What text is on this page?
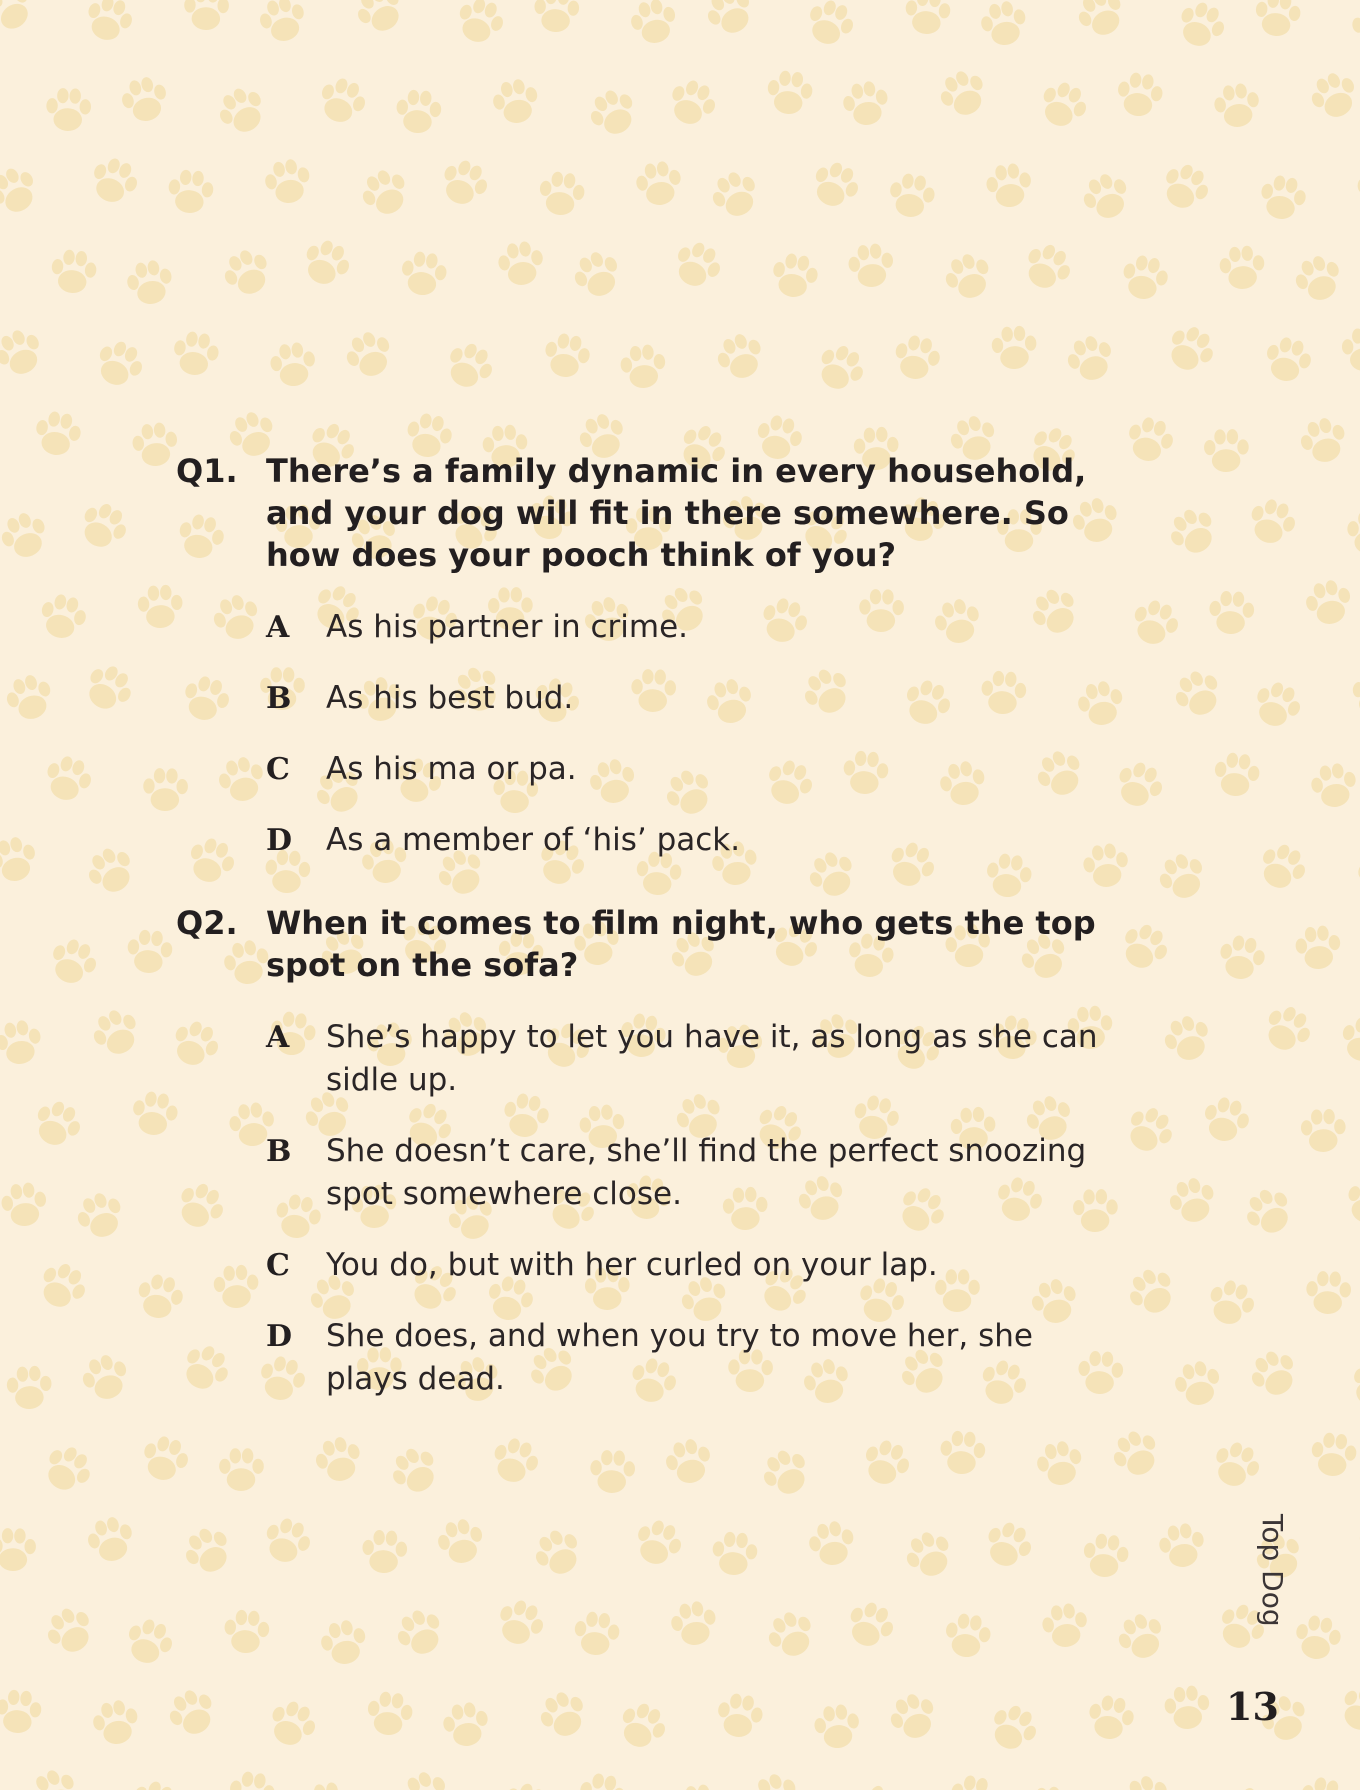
Q1. There’s a family dynamic in every household, and your dog will fit in there somewhere. So how does your pooch think of you?
A	As his partner in crime.
B	As his best bud.
C	As his ma or pa.
D	As a member of ‘his’ pack.
Q2. When it comes to film night, who gets the top spot on the sofa?
A	She’s happy to let you have it, as long as she can sidle up.
B	She doesn’t care, she’ll find the perfect snoozing spot somewhere close.
C	You do, but with her curled on your lap.
D	She does, and when you try to move her, she plays dead.
Top Dog
13
